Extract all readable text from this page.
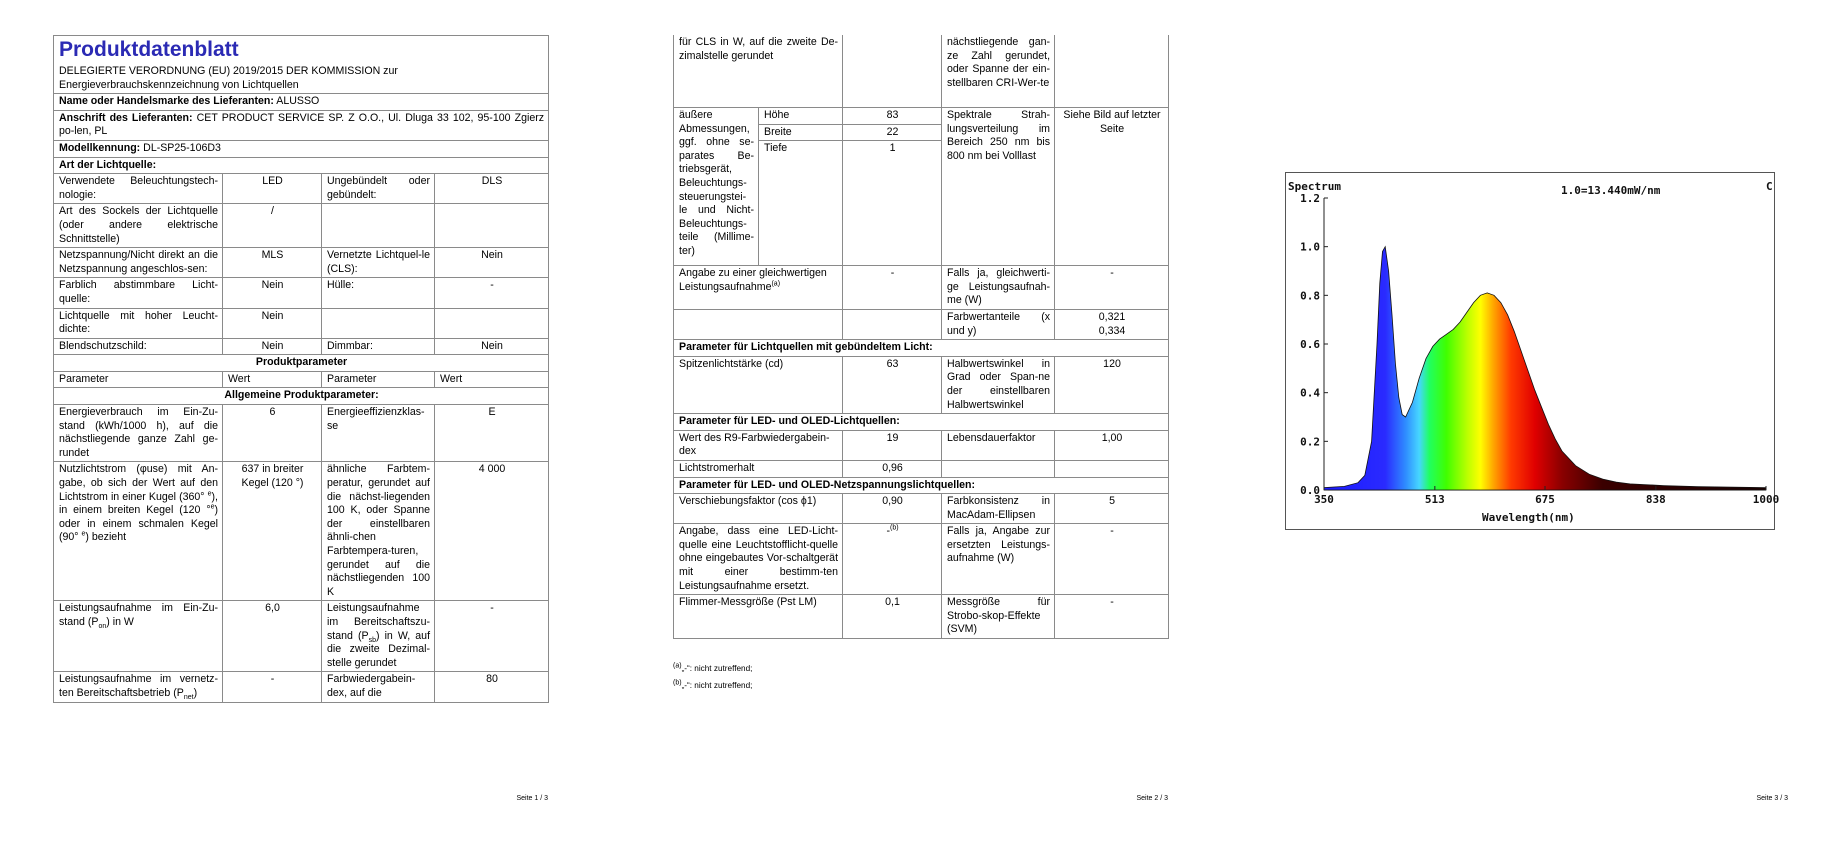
Produktdatenblatt			

DELEGIERTE VERORDNUNG (EU) 2019/2015 DER KOMMISSION zur Energieverbrauchskennzeichnung von Lichtquellen			
Name oder Handelsmarke des Lieferanten: ALUSSO			
Anschrift des Lieferanten: CET PRODUCT SERVICE SP. Z O.O., Ul. Dluga 33 102, 95-100 Zgierz po-len, PL			
Modellkennung: DL-SP25-106D3			
Art der Lichtquelle:			
Verwendete Beleuchtungstech-nologie:	LED	Ungebündelt oder gebündelt:	DLS
Art des Sockels der Lichtquelle (oder andere elektrische Schnittstelle)	/		
Netzspannung/Nicht direkt an die Netzspannung angeschlos-sen:	MLS	Vernetzte Lichtquel-le (CLS):	Nein
Farblich abstimmbare Licht-quelle:	Nein	Hülle:	-
Lichtquelle mit hoher Leucht-dichte:	Nein		
Blendschutzschild:	Nein	Dimmbar:	Nein
Produktparameter			
Parameter	Wert	Parameter	Wert
Allgemeine Produktparameter:			
Energieverbrauch im Ein-Zu-stand (kWh/1000 h), auf die nächstliegende ganze Zahl ge-rundet	6	Energieeffizienzklas-se	E
Nutzlichtstrom (φuse) mit An-gabe, ob sich der Wert auf den Lichtstrom in einer Kugel (360° $^e$), in einem breiten Kegel (120 °$^e$) oder in einem schmalen Kegel (90° $^e$) bezieht	637 in breiter Kegel (120 °)	ähnliche Farbtem-peratur, gerundet auf die nächst-liegenden 100 K, oder Spanne der einstellbaren ähnli-chen Farbtempera-turen, gerundet auf die nächstliegenden 100 K	4 000
Leistungsaufnahme im Ein-Zu-stand $(P_{on})$ in W	6,0	Leistungsaufnahme im Bereitschaftszu-stand $(P_{sb})$ in W, auf die zweite Dezimal-stelle gerundet	-
Leistungsaufnahme im vernetz-ten Bereitschaftsbetrieb $(P_{net})$	-	Farbwiedergabein-dex, auf die	80
Seite 1 / 3
für CLS in W, auf die zweite De-zimalstelle gerundet			nächstliegende gan-ze Zahl gerundet, oder Spanne der ein-stellbaren CRI-Wer-te	
äußere Abmessungen, ggf. ohne se-parates Be-triebsgerät, Beleuchtungs-steuerungstei-le und Nicht-Beleuchtungs-teile (Millime-ter)	Höhe	83	Spektrale Strah-lungsverteilung im Bereich 250 nm bis 800 nm bei Volllast	Siehe Bild auf letzter Seite
	Breite	22		
	Tiefe	1		
Angabe zu einer gleichwertigen Leistungsaufnahme$^{(a)}$		-	Falls ja, gleichwerti-ge Leistungsaufnah-me (W)	-
			Farbwertanteile (x und y)	0,321
0,334

Parameter für Lichtquellen mit gebündeltem Licht:				
Spitzenlichtstärke (cd)		63	Halbwertswinkel in Grad oder Span-ne der einstellbaren Halbwertswinkel	120
Parameter für LED- und OLED-Lichtquellen:				
Wert des R9-Farbwiedergabein-dex		19	Lebensdauerfaktor	1,00
Lichtstromerhalt		0,96		
Parameter für LED- und OLED-Netzspannungslichtquellen:				
Verschiebungsfaktor (cos ϕ1)		0,90	Farbkonsistenz in MacAdam-Ellipsen	5
Angabe, dass eine LED-Licht-quelle eine Leuchtstofflicht-quelle ohne eingebautes Vor-schaltgerät mit einer bestimm-ten Leistungsaufnahme ersetzt.		-$^{(b)}$	Falls ja, Angabe zur ersetzten Leistungs-aufnahme (W)	-
Flimmer-Messgröße (Pst LM)		0,1	Messgröße für Strobo-skop-Effekte (SVM)	-
$^{(a)}$„-“: nicht zutreffend;
$^{(b)}$„-“: nicht zutreffend;
Seite 2 / 3	Seite 3 / 3
0.0
0.2
0.4
0.6
0.8
1.0
1.2
350	513	675	838	1000
Spectrum	1.0=13.440mW/nm
Wavelength(nm)
C
